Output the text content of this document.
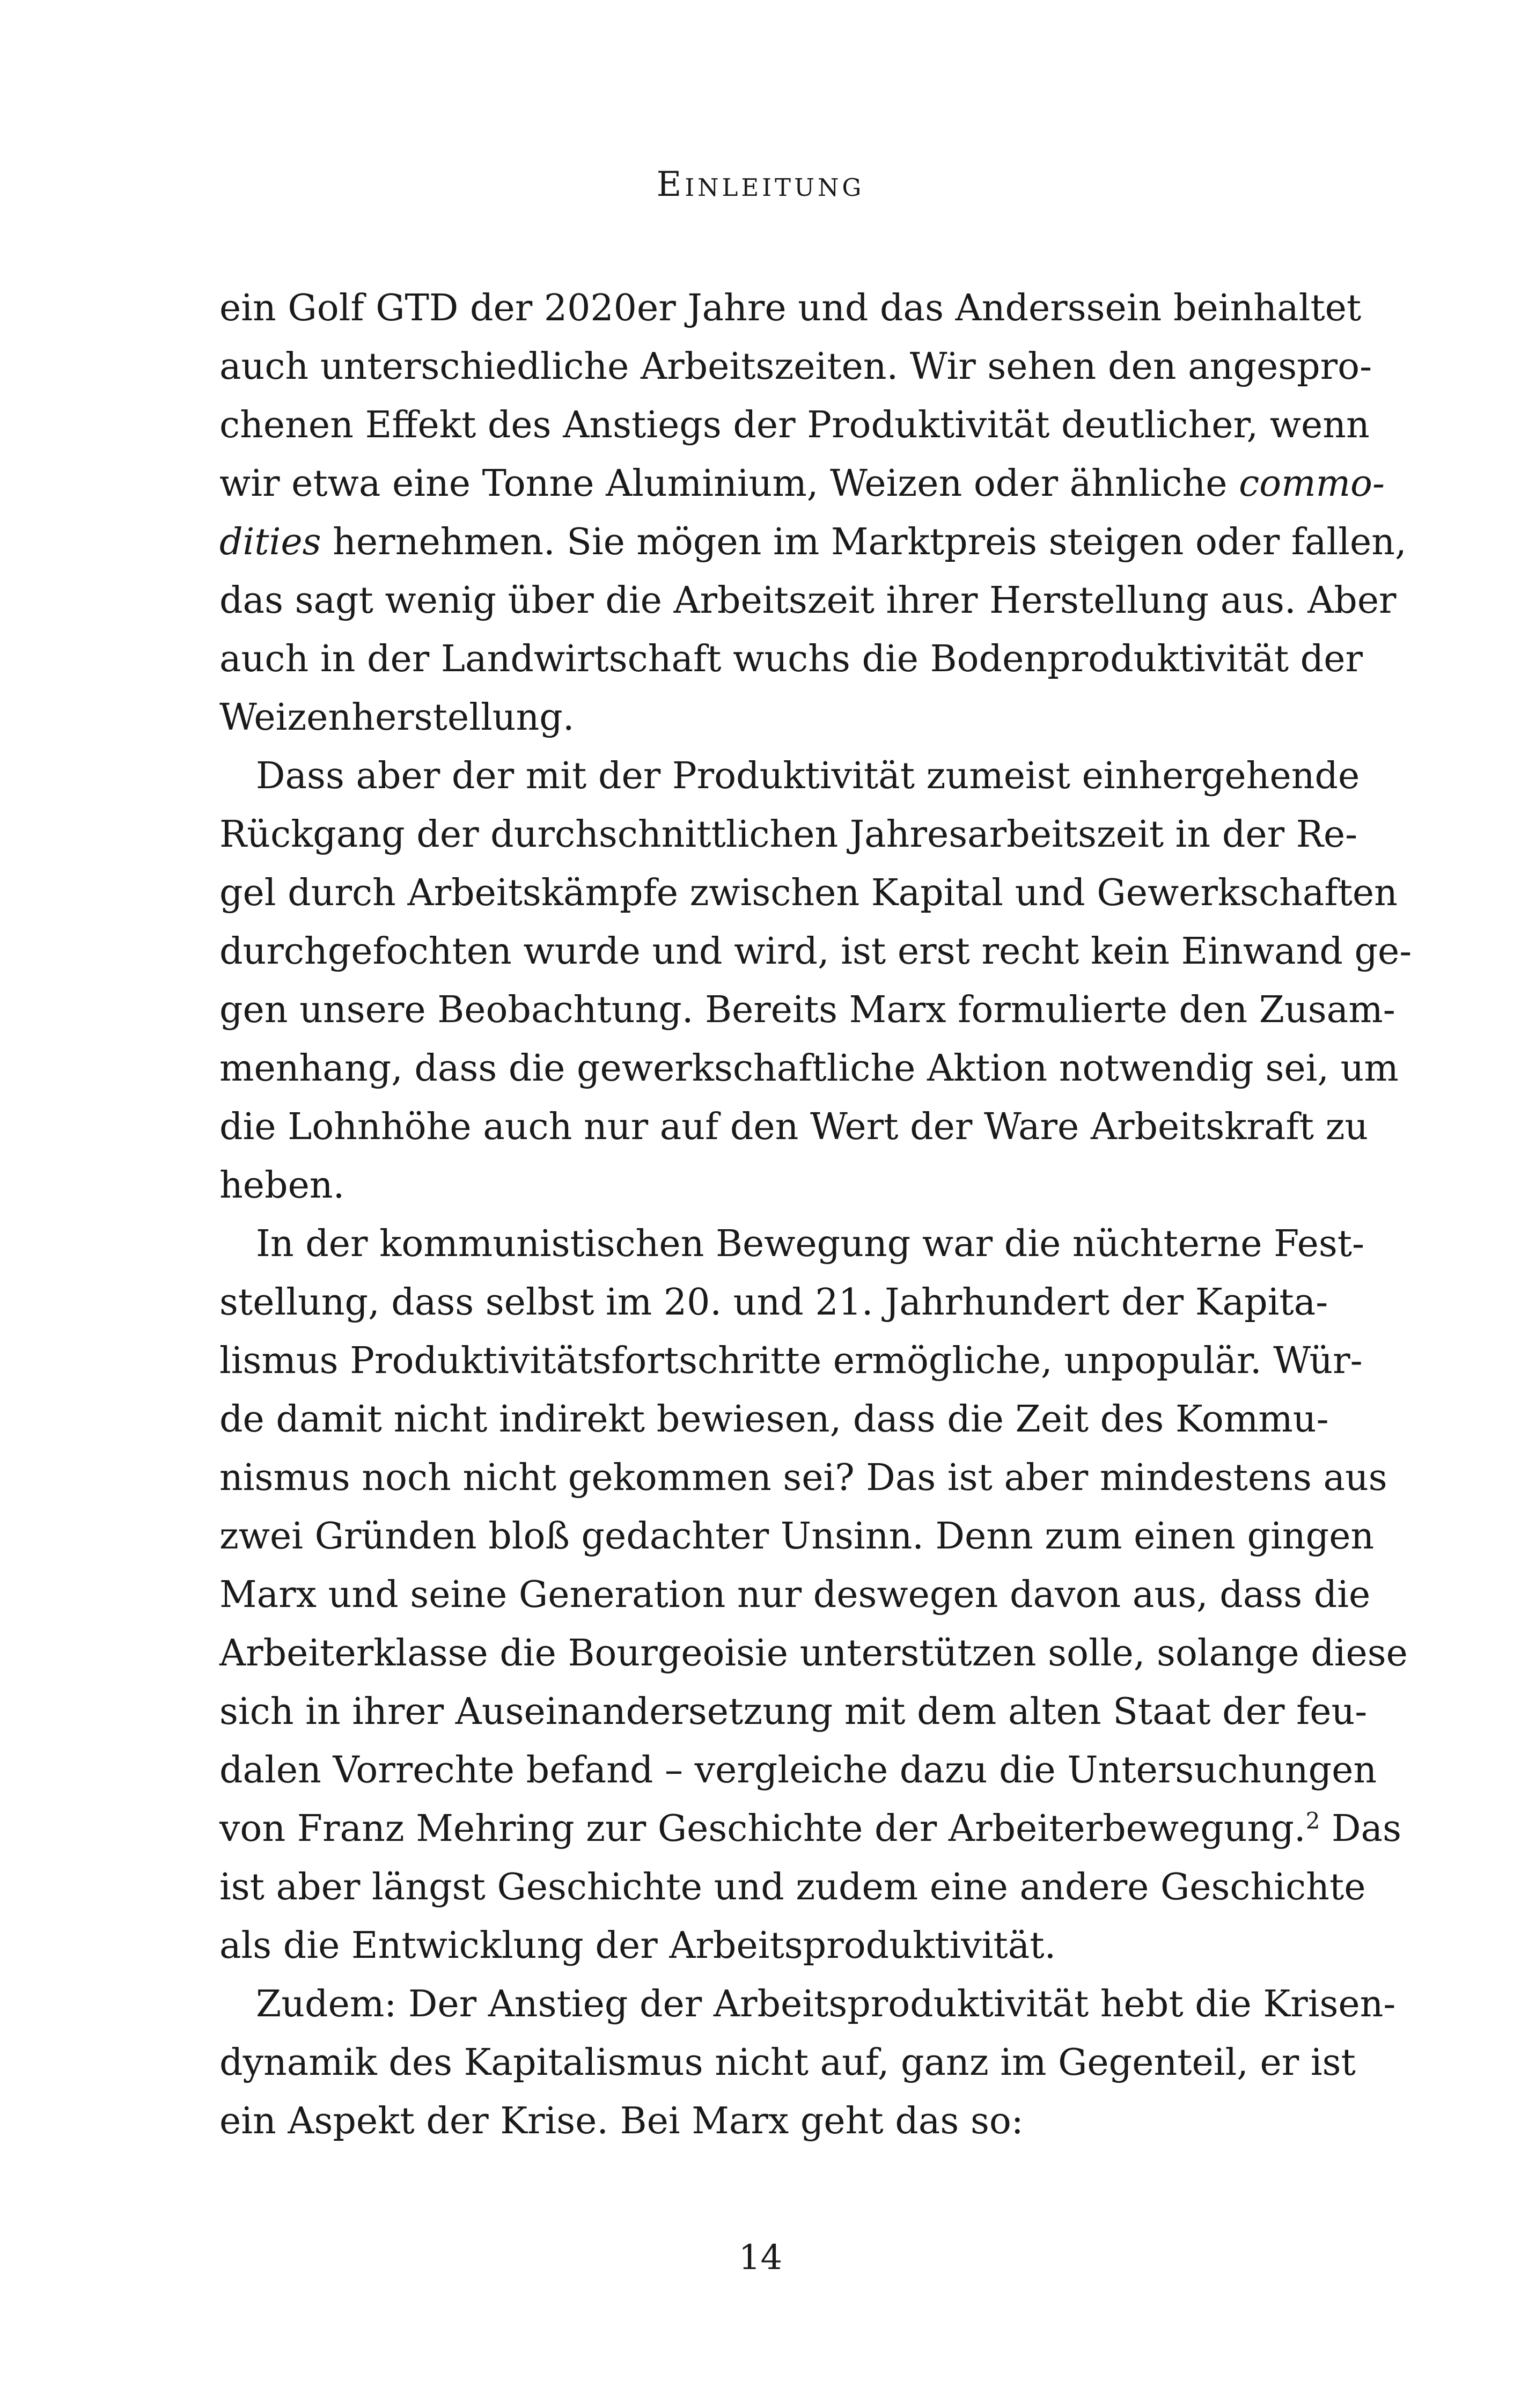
Einleitung
ein Golf GTD der 2020er Jahre und das Anderssein beinhaltet
auch unterschiedliche Arbeitszeiten. Wir sehen den angespro-
chenen Effekt des Anstiegs der Produktivität deutlicher, wenn
wir etwa eine Tonne Aluminium, Weizen oder ähnliche commo-
dities hernehmen. Sie mögen im Marktpreis steigen oder fallen,
das sagt wenig über die Arbeitszeit ihrer Herstellung aus. Aber
auch in der Landwirtschaft wuchs die Bodenproduktivität der
Weizenherstellung.
Dass aber der mit der Produktivität zumeist einhergehende
Rückgang der durchschnittlichen Jahresarbeitszeit in der Re-
gel durch Arbeitskämpfe zwischen Kapital und Gewerkschaften
durchgefochten wurde und wird, ist erst recht kein Einwand ge-
gen unsere Beobachtung. Bereits Marx formulierte den Zusam-
menhang, dass die gewerkschaftliche Aktion notwendig sei, um
die Lohnhöhe auch nur auf den Wert der Ware Arbeitskraft zu
heben.
In der kommunistischen Bewegung war die nüchterne Fest-
stellung, dass selbst im 20. und 21. Jahrhundert der Kapita-
lismus Produktivitätsfortschritte ermögliche, unpopulär. Wür-
de damit nicht indirekt bewiesen, dass die Zeit des Kommu-
nismus noch nicht gekommen sei? Das ist aber mindestens aus
zwei Gründen bloß gedachter Unsinn. Denn zum einen gingen
Marx und seine Generation nur deswegen davon aus, dass die
Arbeiterklasse die Bourgeoisie unterstützen solle, solange diese
sich in ihrer Auseinandersetzung mit dem alten Staat der feu-
dalen Vorrechte befand – vergleiche dazu die Untersuchungen
von Franz Mehring zur Geschichte der Arbeiterbewegung.$^2$ Das
ist aber längst Geschichte und zudem eine andere Geschichte
als die Entwicklung der Arbeitsproduktivität.
Zudem: Der Anstieg der Arbeitsproduktivität hebt die Krisen-
dynamik des Kapitalismus nicht auf, ganz im Gegenteil, er ist
ein Aspekt der Krise. Bei Marx geht das so:
14
